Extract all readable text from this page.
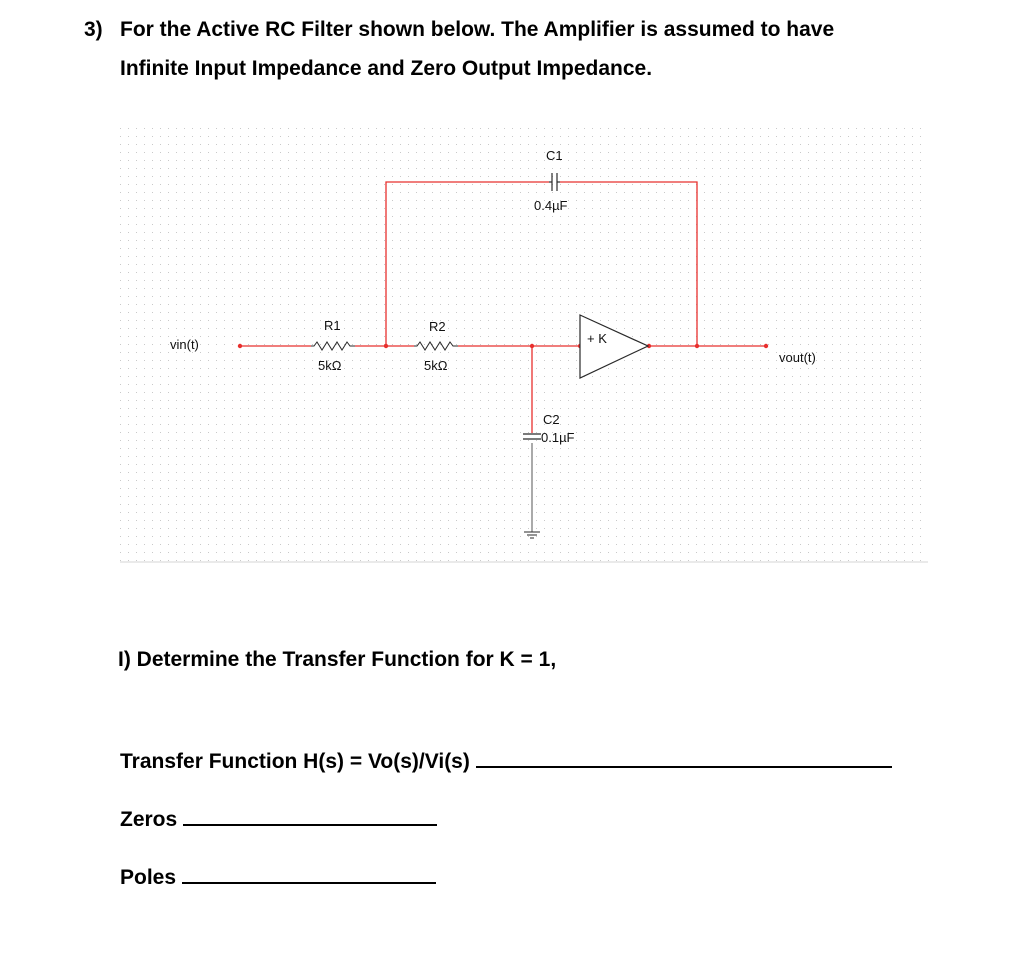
3) For the Active RC Filter shown below. The Amplifier is assumed to have
Infinite Input Impedance and Zero Output Impedance.
+ K
vin(t)
vout(t)
R1
5kΩ
R2
5kΩ
C1
0.4µF
C2
0.1µF
I) Determine the Transfer Function for K = 1,
Transfer Function H(s) = Vo(s)/Vi(s)
Zeros
Poles
